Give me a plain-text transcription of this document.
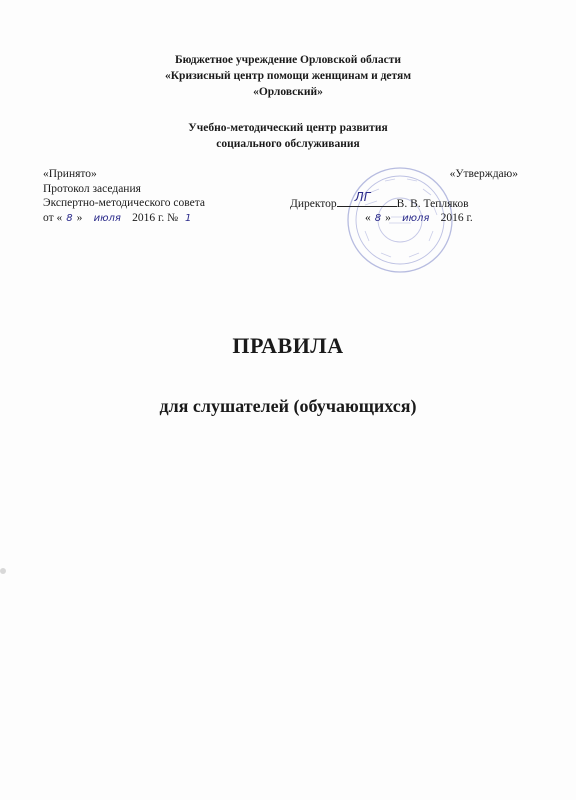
Бюджетное учреждение Орловской области
«Кризисный центр помощи женщинам и детям
«Орловский»
Учебно-методический центр развития
социального обслуживания
«Принято»
Протокол заседания
Экспертно-методического совета
от « 8 » июля 2016 г. № 1
«Утверждаю»
Директор ЛГ В. В. Тепляков
« 8 » июля 2016 г.
ПРАВИЛА
для слушателей (обучающихся)
